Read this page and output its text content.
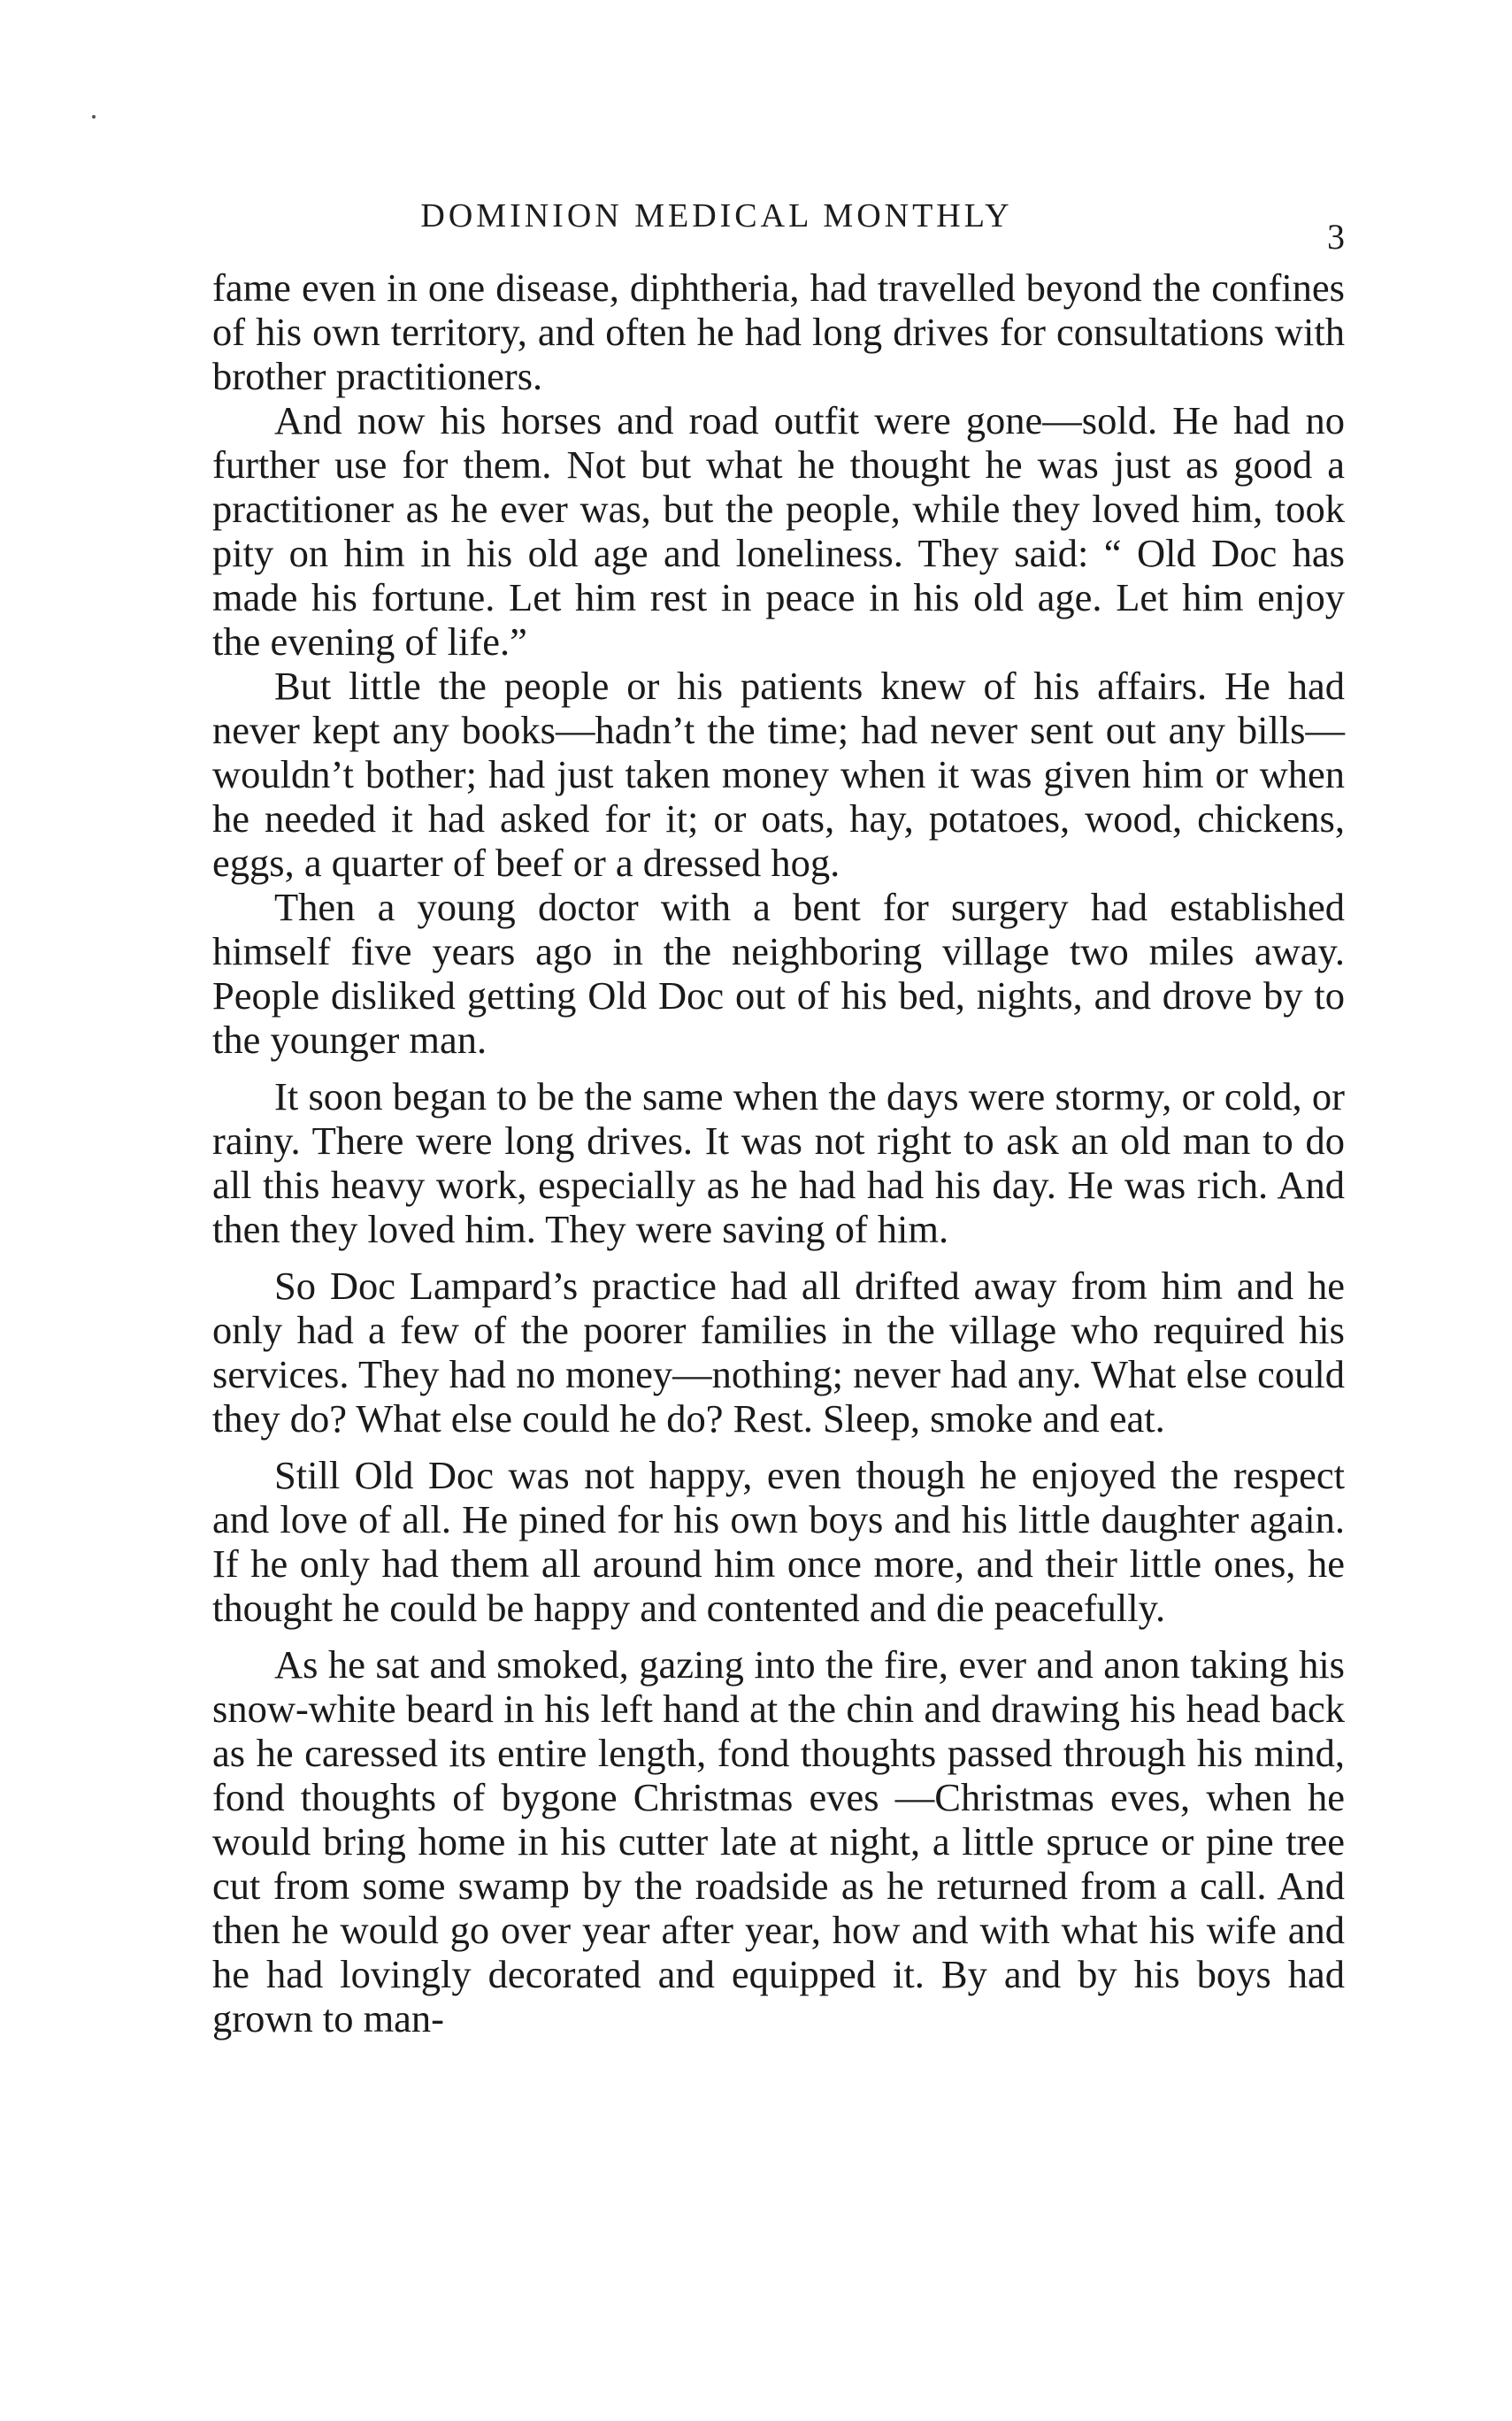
DOMINION MEDICAL MONTHLY
3

fame even in one disease, diphtheria, had travelled beyond the confines of his own territory, and often he had long drives for consultations with brother practitioners.

And now his horses and road outfit were gone—sold. He had no further use for them. Not but what he thought he was just as good a practitioner as he ever was, but the people, while they loved him, took pity on him in his old age and loneliness. They said: “ Old Doc has made his fortune. Let him rest in peace in his old age. Let him enjoy the evening of life.”

But little the people or his patients knew of his affairs. He had never kept any books—hadn’t the time; had never sent out any bills—wouldn’t bother; had just taken money when it was given him or when he needed it had asked for it; or oats, hay, potatoes, wood, chickens, eggs, a quarter of beef or a dressed hog.

Then a young doctor with a bent for surgery had established himself five years ago in the neighboring village two miles away. People disliked getting Old Doc out of his bed, nights, and drove by to the younger man.

It soon began to be the same when the days were stormy, or cold, or rainy. There were long drives. It was not right to ask an old man to do all this heavy work, especially as he had had his day. He was rich. And then they loved him. They were saving of him.

So Doc Lampard’s practice had all drifted away from him and he only had a few of the poorer families in the village who required his services. They had no money—nothing; never had any. What else could they do? What else could he do? Rest. Sleep, smoke and eat.

Still Old Doc was not happy, even though he enjoyed the respect and love of all. He pined for his own boys and his little daughter again. If he only had them all around him once more, and their little ones, he thought he could be happy and contented and die peacefully.

As he sat and smoked, gazing into the fire, ever and anon taking his snow-white beard in his left hand at the chin and drawing his head back as he caressed its entire length, fond thoughts passed through his mind, fond thoughts of bygone Christmas eves —Christmas eves, when he would bring home in his cutter late at night, a little spruce or pine tree cut from some swamp by the roadside as he returned from a call. And then he would go over year after year, how and with what his wife and he had lovingly decorated and equipped it. By and by his boys had grown to man-
